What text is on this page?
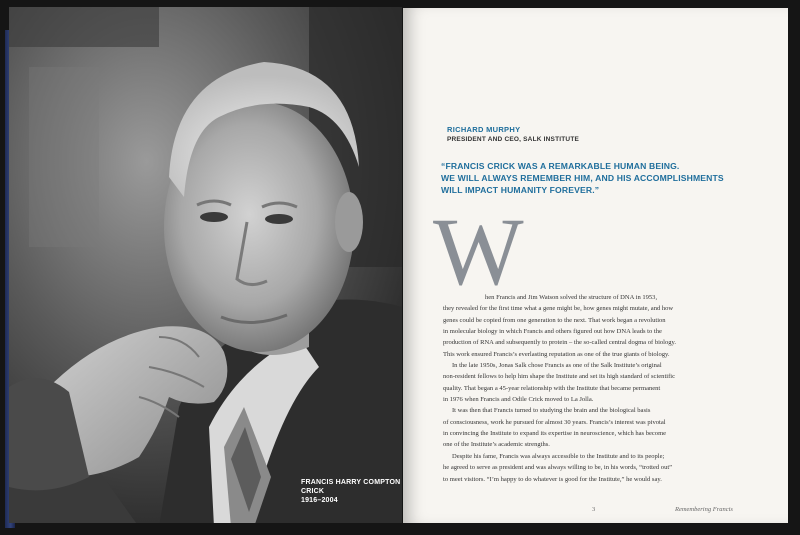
FRANCIS HARRY COMPTON CRICK
1916–2004
RICHARD MURPHY
PRESIDENT AND CEO, SALK INSTITUTE
“FRANCIS CRICK WAS A REMARKABLE HUMAN BEING.
WE WILL ALWAYS REMEMBER HIM, AND HIS ACCOMPLISHMENTS
WILL IMPACT HUMANITY FOREVER.”
W
hen Francis and Jim Watson solved the structure of DNA in 1953,
they revealed for the first time what a gene might be, how genes might mutate, and how
genes could be copied from one generation to the next. That work began a revolution
in molecular biology in which Francis and others figured out how DNA leads to the
production of RNA and subsequently to protein – the so-called central dogma of biology.
This work ensured Francis’s everlasting reputation as one of the true giants of biology.
In the late 1950s, Jonas Salk chose Francis as one of the Salk Institute’s original
non-resident fellows to help him shape the Institute and set its high standard of scientific
quality. That began a 45-year relationship with the Institute that became permanent
in 1976 when Francis and Odile Crick moved to La Jolla.
It was then that Francis turned to studying the brain and the biological basis
of consciousness, work he pursued for almost 30 years. Francis’s interest was pivotal
in convincing the Institute to expand its expertise in neuroscience, which has become
one of the Institute’s academic strengths.
Despite his fame, Francis was always accessible to the Institute and to its people;
he agreed to serve as president and was always willing to be, in his words, “trotted out”
to meet visitors. “I’m happy to do whatever is good for the Institute,” he would say.
3	Remembering Francis
